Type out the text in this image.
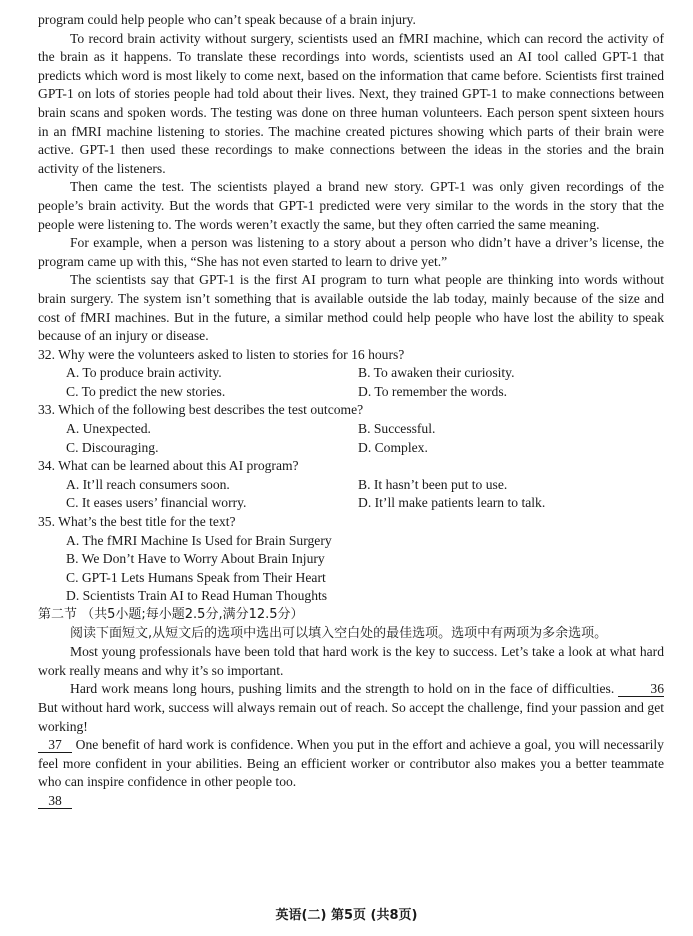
program could help people who can’t speak because of a brain injury.

To record brain activity without surgery, scientists used an fMRI machine, which can record the activity of the brain as it happens. To translate these recordings into words, scientists used an AI tool called GPT-1 that predicts which word is most likely to come next, based on the information that came before. Scientists first trained GPT-1 on lots of stories people had told about their lives. Next, they trained GPT-1 to make connections between brain scans and spoken words. The testing was done on three human volunteers. Each person spent sixteen hours in an fMRI machine listening to stories. The machine created pictures showing which parts of their brain were active. GPT-1 then used these recordings to make connections between the ideas in the stories and the brain activity of the listeners.

Then came the test. The scientists played a brand new story. GPT-1 was only given recordings of the people’s brain activity. But the words that GPT-1 predicted were very similar to the words in the story that the people were listening to. The words weren’t exactly the same, but they often carried the same meaning.

For example, when a person was listening to a story about a person who didn’t have a driver’s license, the program came up with this, “She has not even started to learn to drive yet.”

The scientists say that GPT-1 is the first AI program to turn what people are thinking into words without brain surgery. The system isn’t something that is available outside the lab today, mainly because of the size and cost of fMRI machines. But in the future, a similar method could help people who have lost the ability to speak because of an injury or disease.

32. Why were the volunteers asked to listen to stories for 16 hours?

A. To produce brain activity.	B. To awaken their curiosity.
C. To predict the new stories.	D. To remember the words.

33. Which of the following best describes the test outcome?

A. Unexpected.	B. Successful.
C. Discouraging.	D. Complex.

34. What can be learned about this AI program?

A. It’ll reach consumers soon.	B. It hasn’t been put to use.
C. It eases users’ financial worry.	D. It’ll make patients learn to talk.

35. What’s the best title for the text?

A. The fMRI Machine Is Used for Brain Surgery
B. We Don’t Have to Worry About Brain Injury
C. GPT-1 Lets Humans Speak from Their Heart
D. Scientists Train AI to Read Human Thoughts

第二节 （共5小题;每小题2.5分,满分12.5分）

阅读下面短文,从短文后的选项中选出可以填入空白处的最佳选项。选项中有两项为多余选项。

Most young professionals have been told that hard work is the key to success. Let’s take a look at what hard work really means and why it’s so important.

Hard work means long hours, pushing limits and the strength to hold on in the face of difficulties.	36 But without hard work, success will always remain out of reach. So accept the challenge, find your passion and get working!

37 One benefit of hard work is confidence. When you put in the effort and achieve a goal, you will necessarily feel more confident in your abilities. Being an efficient worker or contributor also makes you a better teammate who can inspire confidence in other people too.

38

英语(二) 第5页 (共8页)
